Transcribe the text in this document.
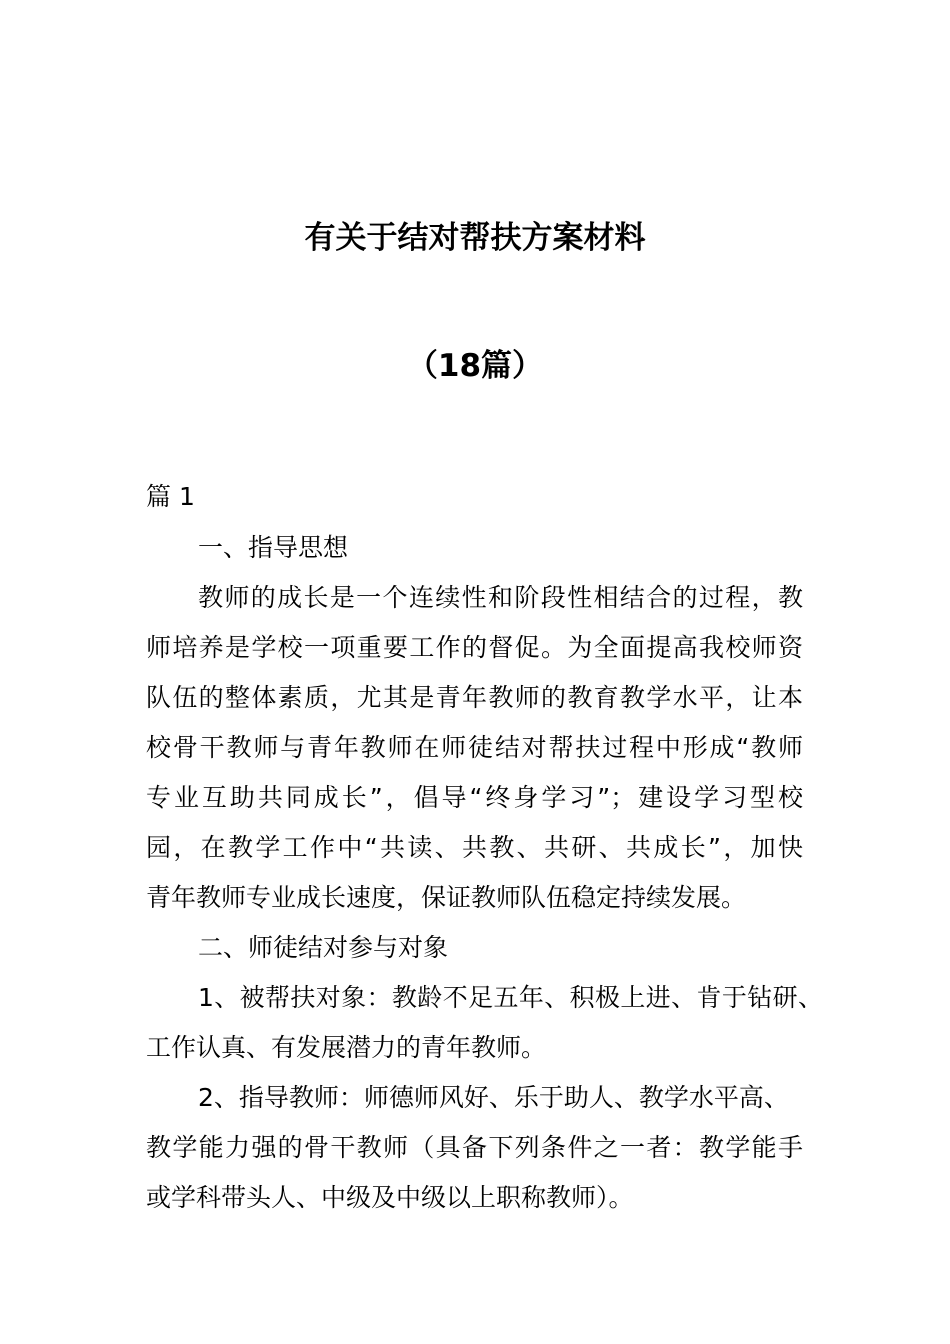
有关于结对帮扶方案材料
（18篇）
篇 1
一、指导思想
教师的成长是一个连续性和阶段性相结合的过程，教
师培养是学校一项重要工作的督促。为全面提高我校师资
队伍的整体素质，尤其是青年教师的教育教学水平，让本
校骨干教师与青年教师在师徒结对帮扶过程中形成“教师
专业互助共同成长”，倡导“终身学习”；建设学习型校
园，在教学工作中“共读、共教、共研、共成长”，加快
青年教师专业成长速度，保证教师队伍稳定持续发展。
二、师徒结对参与对象
1、被帮扶对象：教龄不足五年、积极上进、肯于钻研、
工作认真、有发展潜力的青年教师。
2、指导教师：师德师风好、乐于助人、教学水平高、
教学能力强的骨干教师（具备下列条件之一者：教学能手
或学科带头人、中级及中级以上职称教师）。
